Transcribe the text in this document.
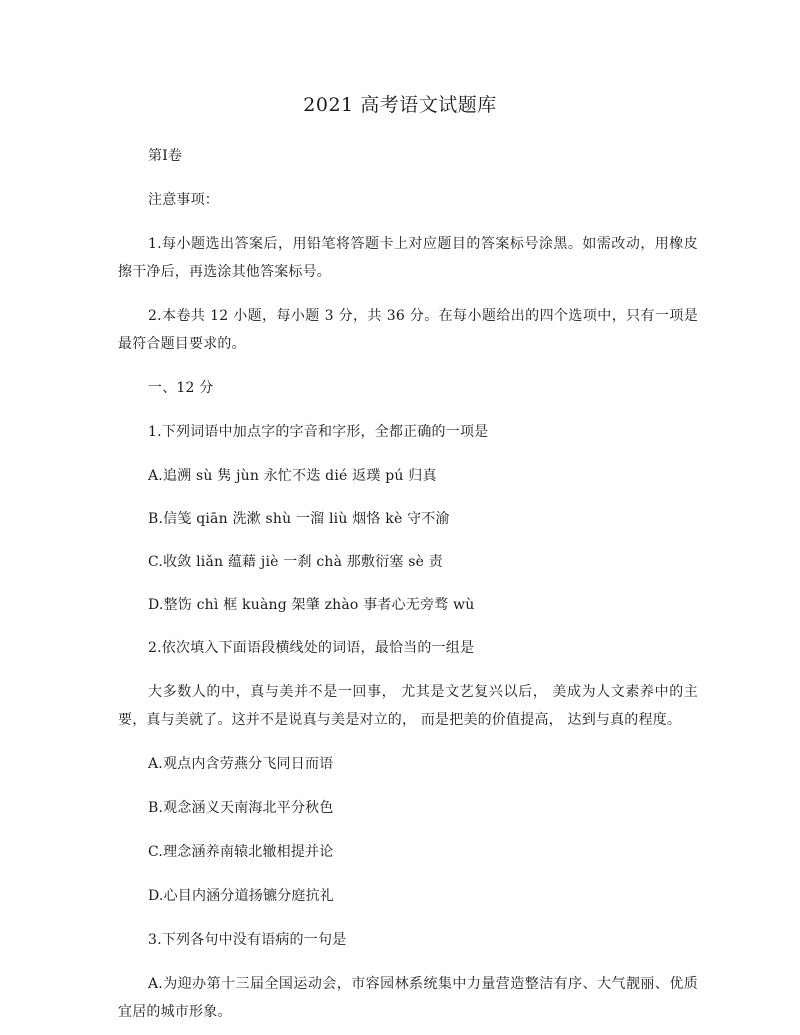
2021 高考语文试题库
第Ⅰ卷
注意事项：
1.每小题选出答案后，用铅笔将答题卡上对应题目的答案标号涂黑。如需改动，用橡皮擦干净后，再选涂其他答案标号。
2.本卷共 12 小题，每小题 3 分，共 36 分。在每小题给出的四个选项中，只有一项是最符合题目要求的。
一、12 分
1.下列词语中加点字的字音和字形，全都正确的一项是
A.追溯 sù 隽 jùn 永忙不迭 dié 返璞 pú 归真
B.信笺 qiān 洗漱 shù 一溜 liù 烟恪 kè 守不渝
C.收敛 liǎn 蕴藉 jiè 一刹 chà 那敷衍塞 sè 责
D.整饬 chì 框 kuàng 架肇 zhào 事者心无旁骛 wù
2.依次填入下面语段横线处的词语，最恰当的一组是
大多数人的中，真与美并不是一回事， 尤其是文艺复兴以后， 美成为人文素养中的主要，真与美就了。这并不是说真与美是对立的， 而是把美的价值提高， 达到与真的程度。
A.观点内含劳燕分飞同日而语
B.观念涵义天南海北平分秋色
C.理念涵养南辕北辙相提并论
D.心目内涵分道扬镳分庭抗礼
3.下列各句中没有语病的一句是
A.为迎办第十三届全国运动会，市容园林系统集中力量营造整洁有序、大气靓丽、优质宜居的城市形象。
